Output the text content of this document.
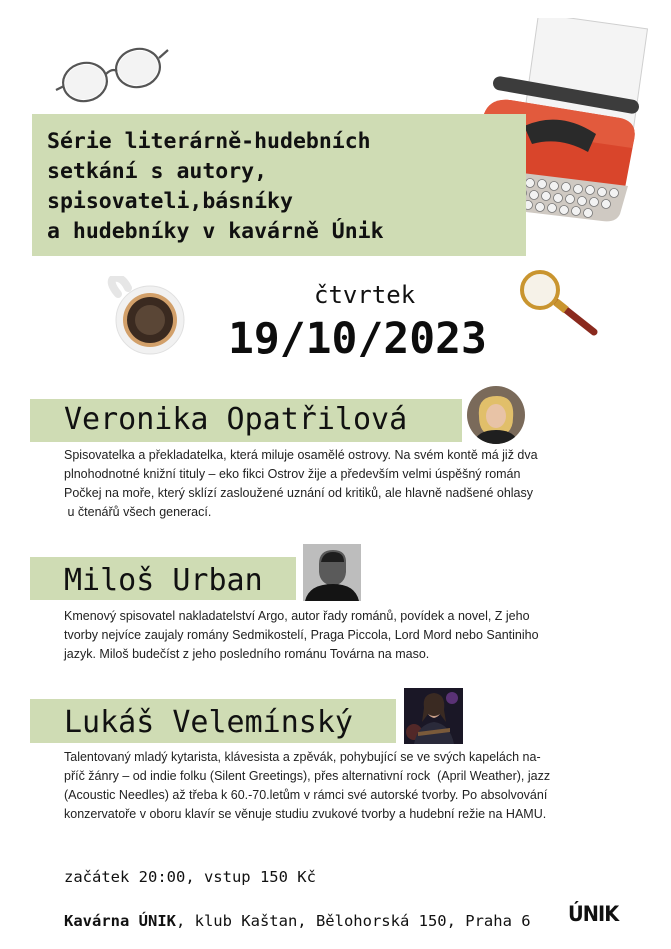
Série literárně-hudebních
setkání s autory,
spisovateli,básníky
a hudebníky v kavárně Únik
čtvrtek
19/10/2023
Veronika Opatřilová
Spisovatelka a překladatelka, která miluje osamělé ostrovy. Na svém kontě má již dva
plnohodnotné knižní tituly – eko fikci Ostrov žije a především velmi úspěšný román
Počkej na moře, který sklízí zasloužené uznání od kritiků, ale hlavně nadšené ohlasy
u čtenářů všech generací.
Miloš Urban
Kmenový spisovatel nakladatelství Argo, autor řady románů, povídek a novel, Z jeho
tvorby nejvíce zaujaly romány Sedmikostelí, Praga Piccola, Lord Mord nebo Santiniho
jazyk. Miloš budečíst z jeho posledního románu Továrna na maso.
Lukáš Velemínský
Talentovaný mladý kytarista, klávesista a zpěvák, pohybující se ve svých kapelách na-
příč žánry – od indie folku (Silent Greetings), přes alternativní rock  (April Weather), jazz
(Acoustic Needles) až třeba k 60.-70.letům v rámci své autorské tvorby. Po absolvování
konzervatoře v oboru klavír se věnuje studiu zvukové tvorby a hudební režie na HAMU.
začátek 20:00, vstup 150 Kč
Kavárna ÚNIK, klub Kaštan, Bělohorská 150, Praha 6 ÚNIK
